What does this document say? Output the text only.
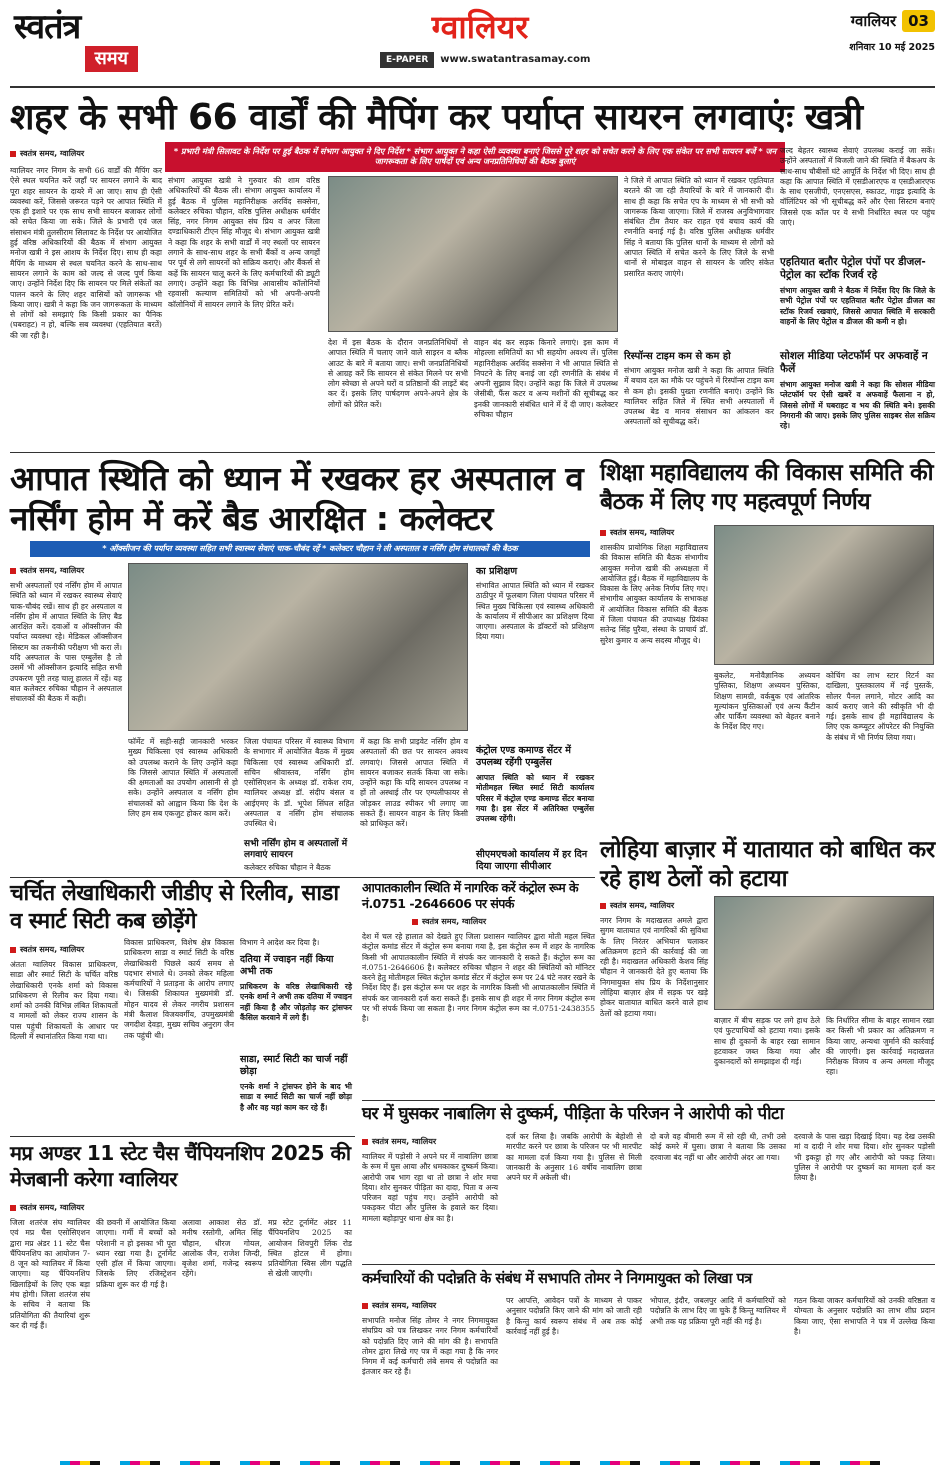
स्वतंत्र
समय
ग्वालियर
E-PAPER	www.swatantrasamay.com
ग्वालियर 03
शनिवार 10 मई 2025
शहर के सभी 66 वार्डों की मैपिंग कर पर्याप्त सायरन लगवाएंः खत्री
* प्रभारी मंत्री सिलावट के निर्देश पर हुई बैठक में संभाग आयुक्त ने दिए निर्देश * संभाग आयुक्त ने कहा ऐसी व्यवस्था बनाएं जिससे पूरे शहर को सचेत करने के लिए एक संकेत पर सभी सायरन बजें * जन जागरूकता के लिए पार्षदों एवं अन्य जनप्रतिनिधियों की बैठक बुलाएं
स्वतंत्र समय, ग्वालियर
ग्वालियर नगर निगम के सभी 66 वार्डों की मैपिंग कर ऐसे स्थल चयनित करें जहाँ पर सायरन लगाने के बाद पूरा शहर सायरन के दायरे में आ जाए। साथ ही ऐसी व्यवस्था करें, जिससे जरूरत पड़ने पर आपात स्थिति में एक ही इशारे पर एक साथ सभी सायरन बजाकर लोगों को सचेत किया जा सके। जिले के प्रभारी एवं जल संसाधन मंत्री तुलसीराम सिलावट के निर्देश पर आयोजित हुई वरिष्ठ अधिकारियों की बैठक में संभाग आयुक्त मनोज खत्री ने इस आशय के निर्देश दिए। साथ ही कहा मैपिंग के माध्यम से स्थल चयनित करने के साथ-साथ सायरन लगाने के काम को जल्द से जल्द पूर्ण किया जाए। उन्होंने निर्देश दिए कि सायरन पर मिले संकेतों का पालन करने के लिए शहर वासियों को जागरूक भी किया जाए। खत्री ने कहा कि जन जागरूकता के माध्यम से लोगों को समझाएं कि किसी प्रकार का पैनिक (घबराहट) न हो, बल्कि सब व्यवस्था (एहतियात बरतें) की जा रही है।
संभाग आयुक्त खत्री ने गुरुवार की शाम वरिष्ठ अधिकारियों की बैठक ली। संभाग आयुक्त कार्यालय में हुई बैठक में पुलिस महानिरीक्षक अरविंद सक्सेना, कलेक्टर रुचिका चौहान, वरिष्ठ पुलिस अधीक्षक धर्मवीर सिंह, नगर निगम आयुक्त संघ प्रिय व अपर जिला दण्डाधिकारी टीएन सिंह मौजूद थे। संभाग आयुक्त खत्री ने कहा कि शहर के सभी वार्डों में नए स्थलों पर सायरन लगाने के साथ-साथ शहर के सभी बैंकों व अन्य जगहों पर पूर्व से लगे सायरनों को सक्रिय कराएं। और बैंकर्स से कहें कि सायरन चालू करने के लिए कर्मचारियों की ड्यूटी लगाएं। उन्होंने कहा कि विभिन्न आवासीय कॉलोनियों रहवासी कल्याण समितियों को भी अपनी-अपनी कॉलोनियों में सायरन लगाने के लिए प्रेरित करें।
देश में इस बैठक के दौरान जनप्रतिनिधियों से आपात स्थिति में चलाए जाने वाले साइरन व ब्लैक आउट के बारे में बताया जाए। सभी जनप्रतिनिधियों से आग्रह करें कि सायरन से संकेत मिलने पर सभी लोग स्वेच्छा से अपने घरों व प्रतिष्ठानों की लाइटें बंद कर दें। इसके लिए पार्षदगण अपने-अपने क्षेत्र के लोगों को प्रेरित करें।
वाहन बंद कर सड़क किनारे लगाएं। इस काम में मोहल्ला समितियों का भी सहयोग अवश्य लें। पुलिस महानिरीक्षक अरविंद सक्सेना ने भी आपात स्थिति से निपटने के लिए बनाई जा रही रणनीति के संबंध में अपनी सुझाव दिए। उन्होंने कहा कि जिले में उपलब्ध जेसीबी, फैंस कटर व अन्य मशीनों की सूचीबद्ध कर इनकी जानकारी संबंधित थाने में दें दी जाए। कलेक्टर रुचिका चौहान
ने जिले में आपात स्थिति को ध्यान में रखकर एहतियात बरतने की जा रही तैयारियों के बारे में जानकारी दी। साथ ही कहा कि सचेत एप के माध्यम से भी सभी को जागरूक किया जाएगा। जिले में राजस्व अनुविभागवार संबंधित टीम तैयार कर राहत एवं बचाव कार्य की रणनीति बनाई गई है। वरिष्ठ पुलिस अधीक्षक धर्मवीर सिंह ने बताया कि पुलिस थानों के माध्यम से लोगों को आपात स्थिति में सचेत करने के लिए जिले के सभी थानों से मोबाइल वाहन से सायरन के जरिए संकेत प्रसारित कराए जाएंगे।
रिस्पॉन्स टाइम कम से कम हो
संभाग आयुक्त मनोज खत्री ने कहा कि आपात स्थिति में बचाव दल का मौके पर पहुंचने में रिस्पॉन्स टाइम कम से कम हो। इसकी पुख्ता रणनीति बनाएं। उन्होंने कि ग्वालियर सहित जिले में स्थित सभी अस्पतालों में उपलब्ध बेड व मानव संसाधन का आंकलन कर अस्पतालों को सूचीबद्ध करें।
जल्द बेहतर स्वास्थ्य सेवाएं उपलब्ध कराई जा सकें। उन्होंने अस्पतालों में बिजली जाने की स्थिति में बैकअप के साथ-साथ चौबीसों घंटे आपूर्ति के निर्देश भी दिए। साथ ही कहा कि आपात स्थिति में एसडीआरएफ व एसडीआरएफ के साथ एसजीपी, एनएसएस, स्काउट, गाइड इत्यादि के वॉलिंटियर को भी सूचीबद्ध करें और ऐसा सिस्टम बनाएं जिससे एक कॉल पर ये सभी निर्धारित स्थल पर पहुंच जाएं।
एहतियात बतौर पेट्रोल पंपों पर डीजल-पेट्रोल का स्टॉक रिजर्व रहे
संभाग आयुक्त खत्री ने बैठक में निर्देश दिए कि जिले के सभी पेट्रोल पंपों पर एहतियात बतौर पेट्रोल डीजल का स्टॉक रिजर्व रखवाएं, जिससे आपात स्थिति में सरकारी वाहनों के लिए पेट्रोल व डीजल की कमी न हो।
सोशल मीडिया प्लेटफॉर्म पर अफवाहें न फैलें
संभाग आयुक्त मनोज खत्री ने कहा कि सोशल मीडिया प्लेटफॉर्म पर ऐसी खबरें व अफवाहें फैलाना न हो, जिससे लोगों में घबराहट व भय की स्थिति बने। इसकी निगरानी की जाए। इसके लिए पुलिस साइबर सेल सक्रिय रहे।
आपात स्थिति को ध्यान में रखकर हर अस्पताल व नर्सिंग होम में करें बैड आरक्षित : कलेक्टर
* ऑक्सीजन की पर्याप्त व्यवस्था सहित सभी स्वास्थ्य सेवाएं चाक-चौबंद रहें * कलेक्टर चौहान ने ली अस्पताल व नर्सिंग होम संचालकों की बैठक
स्वतंत्र समय, ग्वालियर
सभी अस्पतालों एवं नर्सिंग होम में आपात स्थिति को ध्यान में रखकर स्वास्थ्य सेवाएं चाक-चौबंद रखें। साथ ही हर अस्पताल व नर्सिंग होम में आपात स्थिति के लिए बैड आरक्षित करें। दवाओं व ऑक्सीजन की पर्याप्त व्यवस्था रहे। मेडिकल ऑक्सीजन सिस्टम का तकनीकी परीक्षण भी करा लें। यदि अस्पताल के पास एम्बुलेंस है तो उसमें भी ऑक्सीजन इत्यादि सहित सभी उपकरण पूरी तरह चालू हालत में रहें। यह बात कलेक्टर रुचिका चौहान ने अस्पताल संचालकों की बैठक में कही।
फॉर्मेट में सही-सही जानकारी भरकर मुख्य चिकित्सा एवं स्वास्थ्य अधिकारी को उपलब्ध कराने के लिए उन्होंने कहा कि जिससे आपात स्थिति में अस्पतालों की क्षमताओं का उपयोग आसानी से हो सके। उन्होंने अस्पताल व नर्सिंग होम संचालकों को आह्वान किया कि देश के लिए हम सब एकजुट होकर काम करें।
जिला पंचायत परिसर में स्वास्थ्य विभाग के सभागार में आयोजित बैठक में मुख्य चिकित्सा एवं स्वास्थ्य अधिकारी डॉ. सचिन श्रीवास्तव, नर्सिंग होम एसोसिएशन के अध्यक्ष डॉ. राकेश राय, ग्वालियर अध्यक्ष डॉ. संदीप बंसल व आईएमए के डॉ. भूपेश सिंघल सहित अस्पताल व नर्सिंग होम संचालक उपस्थित थे।
सभी नर्सिंग होम व अस्पतालों में लगवाएं सायरन
कलेक्टर रुचिका चौहान ने बैठक
में कहा कि सभी प्राइवेट नर्सिंग होम व अस्पतालों की छत पर सायरन अवश्य लगवाएं। जिससे आपात स्थिति में सायरन बजाकर सतर्क किया जा सके। उन्होंने कहा कि यदि सायरन उपलब्ध न हों तो अस्थाई तौर पर एम्पलीफायर से जोड़कर लाउड स्पीकर भी लगाए जा सकते हैं। सायरन वाहन के लिए किसी को प्राधिकृत करें।
का प्रशिक्षण
संभावित आपात स्थिति को ध्यान में रखकर ठाठीपुर में फूलबाग जिला पंचायत परिसर में स्थित मुख्य चिकित्सा एवं स्वास्थ्य अधिकारी के कार्यालय में सीपीआर का प्रशिक्षण दिया जाएगा। अस्पताल के डॉक्टरों को प्रशिक्षण दिया गया।
कंट्रोल एण्ड कमाण्ड सेंटर में उपलब्ध रहेंगी एम्बुलेंस
आपात स्थिति को ध्यान में रखकर मोतीमहल स्थित स्मार्ट सिटी कार्यालय परिसर में कंट्रोल एण्ड कमाण्ड सेंटर बनाया गया है। इस सेंटर में अतिरिक्त एम्बुलेंस उपलब्ध रहेंगी।
सीएमएचओ कार्यालय में हर दिन दिया जाएगा सीपीआर
शिक्षा महाविद्यालय की विकास समिति की बैठक में लिए गए महत्वपूर्ण निर्णय
स्वतंत्र समय, ग्वालियर
शासकीय प्रायोगिक शिक्षा महाविद्यालय की विकास समिति की बैठक संभागीय आयुक्त मनोज खत्री की अध्यक्षता में आयोजित हुई। बैठक में महाविद्यालय के विकास के लिए अनेक निर्णय लिए गए। संभागीय आयुक्त कार्यालय के सभाकक्ष में आयोजित विकास समिति की बैठक में जिला पंचायत की उपाध्यक्ष प्रियंका सतेन्द्र सिंह घुरैया, संस्था के प्राचार्य डॉ. सुरेश कुमार व अन्य सदस्य मौजूद थे।
बुकलेट, मनोवैज्ञानिक अध्ययन पुस्तिका, शिक्षण अध्ययन पुस्तिका, शिक्षण सामग्री, वर्कबुक एवं आंतरिक मूल्यांकन पुस्तिकाओं एवं अन्य कैंटीन और पार्किंग व्यवस्था को बेहतर बनाने के निर्देश दिए गए।
कोचिंग का लाभ स्टार रिटर्न का दाखिला, पुस्तकालय में नई पुस्तकें, सोलर पैनल लगाने, मोटर आदि का कार्य कराए जाने की स्वीकृति भी दी गई। इसके साथ ही महाविद्यालय के लिए एक कम्प्यूटर ऑपरेटर की नियुक्ति के संबंध में भी निर्णय लिया गया।
लोहिया बाज़ार में यातायात को बाधित कर रहे हाथ ठेलों को हटाया
स्वतंत्र समय, ग्वालियर
नगर निगम के मदाखलत अमले द्वारा सुगम यातायात एवं नागरिकों की सुविधा के लिए निरंतर अभियान चलाकर अतिक्रमण हटाने की कार्रवाई की जा रही है। मदाखलत अधिकारी केशव सिंह चौहान ने जानकारी देते हुए बताया कि निगमायुक्त संघ प्रिय के निर्देशानुसार लोहिया बाज़ार क्षेत्र में सड़क पर खड़े होकर यातायात बाधित करने वाले हाथ ठेलों को हटाया गया।
बाज़ार में बीच सड़क पर लगे हाथ ठेले एवं फुटपाथियों को हटाया गया। इसके साथ ही दुकानों के बाहर रखा सामान हटवाकर जब्त किया गया और दुकानदारों को समझाइश दी गई।
कि निर्धारित सीमा के बाहर सामान रखा कर किसी भी प्रकार का अतिक्रमण न किया जाए, अन्यथा जुर्माने की कार्रवाई की जाएगी। इस कार्रवाई मदाखलत निरीक्षक विजय व अन्य अमला मौजूद रहा।
चर्चित लेखाधिकारी जीडीए से रिलीव, साडा व स्मार्ट सिटी कब छोड़ेंगे
स्वतंत्र समय, ग्वालियर
अंततः ग्वालियर विकास प्राधिकरण, साडा और स्मार्ट सिटी के चर्चित वरिष्ठ लेखाधिकारी एनके शर्मा को विकास प्राधिकरण से रिलीव कर दिया गया। शर्मा को उनकी विभिन्न लंबित शिकायतों व मामलों को लेकर राज्य शासन के पास पहुंची शिकायतों के आधार पर दिल्ली में स्थानांतरित किया गया था।
विकास प्राधिकरण, विशेष क्षेत्र विकास प्राधिकरण साडा व स्मार्ट सिटी के वरिष्ठ लेखाधिकारी पिछले कार्य समय से पदभार संभाले थे। उनको लेकर महिला कर्मचारियों ने प्रताड़ना के आरोप लगाए थे। जिसकी शिकायत मुख्यमंत्री डॉ. मोहन यादव से लेकर नगरीय प्रशासन मंत्री कैलाश विजयवर्गीय, उपमुख्यमंत्री जगदीश देवड़ा, मुख्य सचिव अनुराग जैन तक पहुंची थी।
विभाग ने आदेश कर दिया है।
दतिया में ज्वाइन नहीं किया अभी तक
प्राधिकरण के वरिष्ठ लेखाधिकारी रहे एनके शर्मा ने अभी तक दतिया में ज्वाइन नहीं किया है और जोड़तोड़ कर ट्रांसफर कैंसिल करवाने में लगे हैं।
साडा, स्मार्ट सिटी का चार्ज नहीं छोड़ा
एनके शर्मा ने ट्रांसफर होने के बाद भी साडा व स्मार्ट सिटी का चार्ज नहीं छोड़ा है और वह यहां काम कर रहे हैं।
आपातकालीन स्थिति में नागरिक करें कंट्रोल रूम के नं.0751 -2646606 पर संपर्क
स्वतंत्र समय, ग्वालियर
देश में चल रहे हालात को देखते हुए जिला प्रशासन ग्वालियर द्वारा मोती महल स्थित कंट्रोल कमांड सेंटर में कंट्रोल रूम बनाया गया है, इस कंट्रोल रूम में शहर के नागरिक किसी भी आपातकालीन स्थिति में संपर्क कर जानकारी दे सकते हैं। कंट्रोल रूम का नं.0751-2646606 है। कलेक्टर रुचिका चौहान ने शहर की स्थितियों को मॉनिटर करने हेतु मोतीमहल स्थित कंट्रोल कमांड सेंटर में कंट्रोल रूम पर 24 घंटे नजर रखने के निर्देश दिए हैं। इस कंट्रोल रूम पर शहर के नागरिक किसी भी आपातकालीन स्थिति में संपर्क कर जानकारी दर्ज करा सकते हैं। इसके साथ ही शहर में नगर निगम कंट्रोल रूम पर भी संपर्क किया जा सकता है। नगर निगम कंट्रोल रूम का नं.0751-2438355 है।
घर में घुसकर नाबालिग से दुष्कर्म, पीड़िता के परिजन ने आरोपी को पीटा
स्वतंत्र समय, ग्वालियर
ग्वालियर में पड़ोसी ने अपने घर में नाबालिग छात्रा के रूम में घुस आया और धमकाकर दुष्कर्म किया। आरोपी जब भाग रहा था तो छात्रा ने शोर मचा दिया। शोर सुनकर पीड़िता का दादा, पिता व अन्य परिजन वहां पहुंच गए। उन्होंने आरोपी को पकड़कर पीटा और पुलिस के हवाले कर दिया। मामला बहोड़ापुर थाना क्षेत्र का है।
दर्ज कर लिया है। जबकि आरोपी के बेहोशी से मारपीट करने पर छात्रा के परिजन पर भी मारपीट का मामला दर्ज किया गया है। पुलिस से मिली जानकारी के अनुसार 16 वर्षीय नाबालिग छात्रा अपने घर में अकेली थी।
दो बजे वह बीमारी रूम में सो रही थी, तभी उसे कोई कमरे में घुसा। छात्रा ने बताया कि उसका दरवाजा बंद नहीं था और आरोपी अंदर आ गया।
दरवाजे के पास खड़ा दिखाई दिया। यह देख उसकी मां व दादी ने शोर मचा दिया। शोर सुनकर पड़ोसी भी इकट्ठा हो गए और आरोपी को पकड़ लिया। पुलिस ने आरोपी पर दुष्कर्म का मामला दर्ज कर लिया है।
मप्र अण्डर 11 स्टेट चैस चैंपियनशिप 2025 की मेजबानी करेगा ग्वालियर
स्वतंत्र समय, ग्वालियर
जिला शतरंज संघ ग्वालियर एवं मप्र चैस एसोसिएशन द्वारा मप्र अंडर 11 स्टेट चैस चैंपियनशिप का आयोजन 7-8 जून को ग्वालियर में किया जाएगा। यह चैंपियनशिप खिलाड़ियों के लिए एक बड़ा मंच होगी। जिला शतरंज संघ के सचिव ने बताया कि प्रतियोगिता की तैयारियां शुरू कर दी गई हैं।
की छवनी में आयोजित किया जाएगा। गर्मी में बच्चों को परेशानी न हो इसका भी पूरा ध्यान रखा गया है। टूर्नामेंट एसी हॉल में किया जाएगा। जिसके लिए रजिस्ट्रेशन प्रक्रिया शुरू कर दी गई है।
अलावा आकाश सेठ डॉ. मनीष रस्तोगी, अमित सिंह चौहान, धीरज गोयल, आलोक जैन, राजेश जिन्दी, बृजेश शर्मा, गजेन्द्र स्वरूप रहेंगे।
मप्र स्टेट टूर्नामेंट अंडर 11 चैंपियनशिप 2025 का आयोजन शिवपुरी लिंक रोड स्थित होटल में होगा। प्रतियोगिता स्विस लीग पद्धति से खेली जाएगी।	कर्मचारियों की पदोन्नति के संबंध में सभापति तोमर ने निगमायुक्त को लिखा पत्र
स्वतंत्र समय, ग्वालियर
सभापति मनोज सिंह तोमर ने नगर निगमायुक्त संघप्रिय को पत्र लिखकर नगर निगम कर्मचारियों को पदोन्नति दिए जाने की मांग की है। सभापति तोमर द्वारा लिखे गए पत्र में कहा गया है कि नगर निगम में कई कर्मचारी लंबे समय से पदोन्नति का इंतजार कर रहे हैं।
पर आपत्ति, आवेदन पत्रों के माध्यम से पाकर अनुसार पदोन्नति किए जाने की मांग को जाती रही है किन्तु कार्य स्वरूप संबंध में अब तक कोई कार्रवाई नहीं हुई है।
भोपाल, इंदौर, जबलपुर आदि में कर्मचारियों को पदोन्नति के लाभ दिए जा चुके हैं किन्तु ग्वालियर में अभी तक यह प्रक्रिया पूरी नहीं की गई है।
गठन किया जाकर कर्मचारियों को उनकी वरिष्ठता व योग्यता के अनुसार पदोन्नति का लाभ शीघ्र प्रदान किया जाए, ऐसा सभापति ने पत्र में उल्लेख किया है।
